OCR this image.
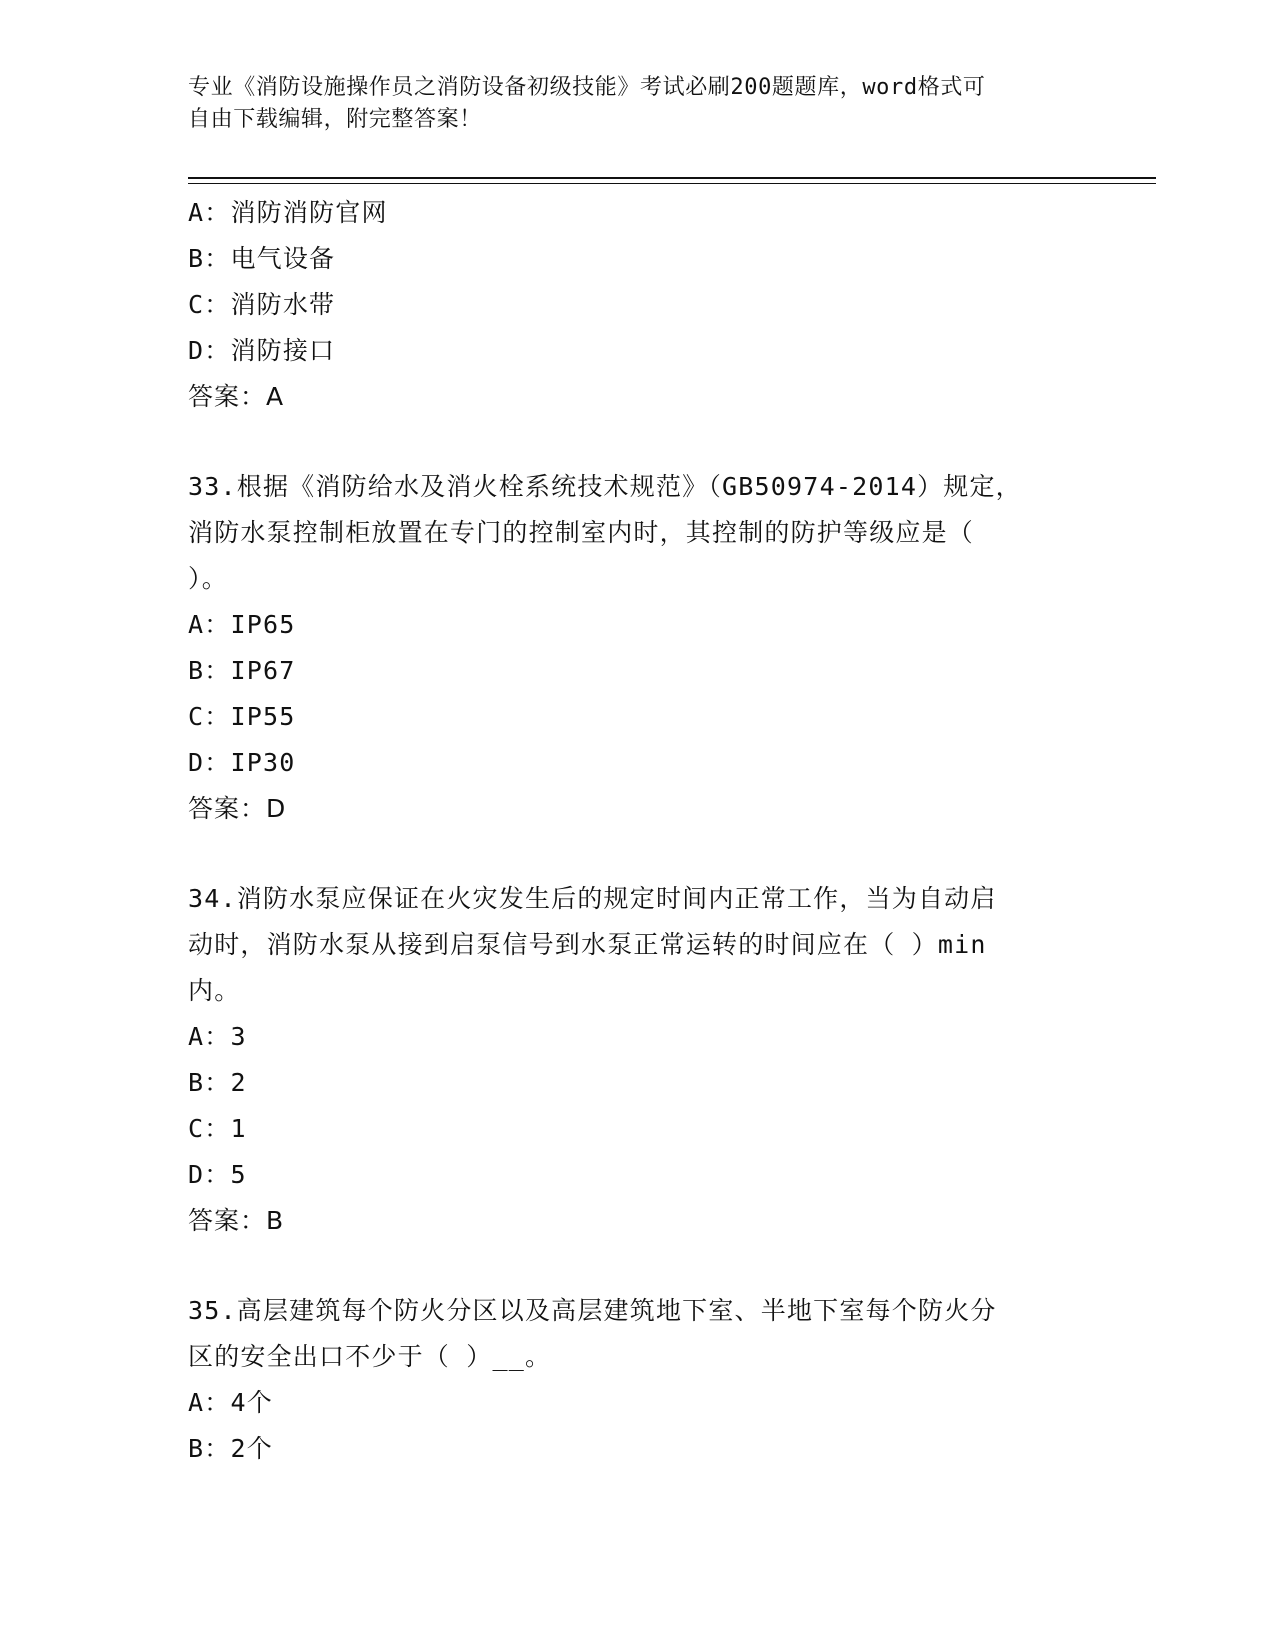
专业《消防设施操作员之消防设备初级技能》考试必刷200题题库，word格式可
自由下载编辑，附完整答案！
A：消防消防官网
B：电气设备
C：消防水带
D：消防接口
答案：A
33.根据《消防给水及消火栓系统技术规范》（GB50974-2014）规定，
消防水泵控制柜放置在专门的控制室内时，其控制的防护等级应是（
）。
A：IP65
B：IP67
C：IP55
D：IP30
答案：D
34.消防水泵应保证在火灾发生后的规定时间内正常工作，当为自动启
动时，消防水泵从接到启泵信号到水泵正常运转的时间应在（ ）min
内。
A：3
B：2
C：1
D：5
答案：B
35.高层建筑每个防火分区以及高层建筑地下室、半地下室每个防火分
区的安全出口不少于（ ）__。
A：4个
B：2个
